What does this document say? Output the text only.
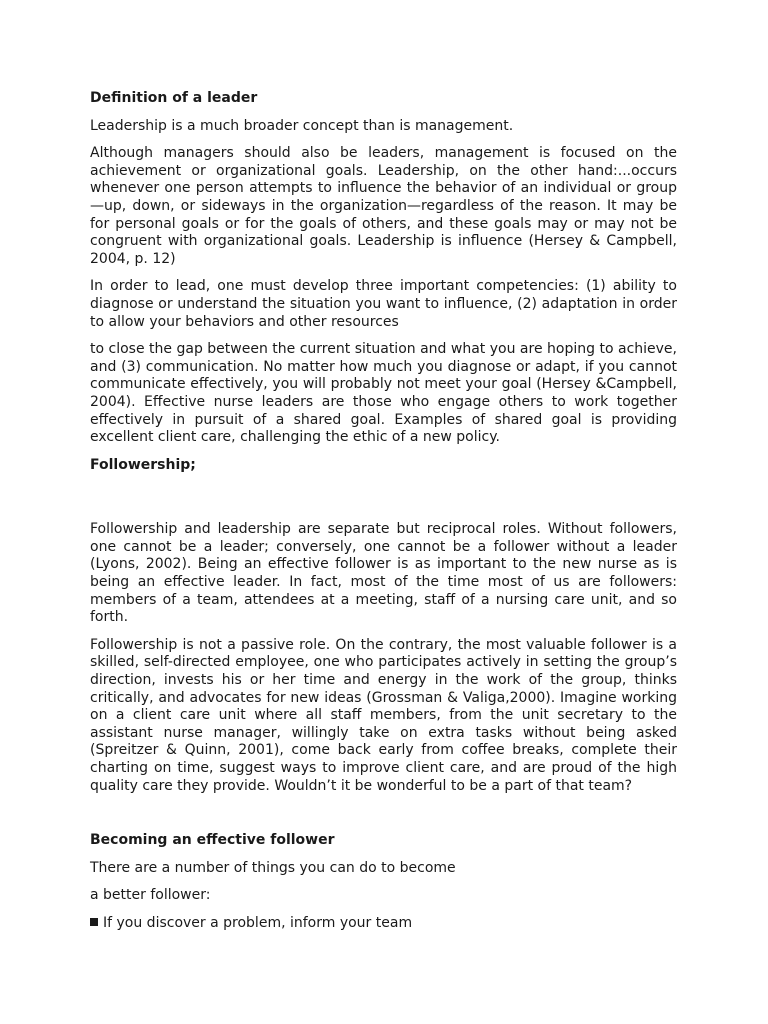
Definition of a leader

Leadership is a much broader concept than is management.

Although managers should also be leaders, management is focused on the achievement or organizational goals. Leadership, on the other hand:...occurs whenever one person attempts to influence the behavior of an individual or group—up, down, or sideways in the organization—regardless of the reason. It may be for personal goals or for the goals of others, and these goals may or may not be congruent with organizational goals. Leadership is influence (Hersey & Campbell, 2004, p. 12)

In order to lead, one must develop three important competencies: (1) ability to diagnose or understand the situation you want to influence, (2) adaptation in order to allow your behaviors and other resources

to close the gap between the current situation and what you are hoping to achieve, and (3) communication. No matter how much you diagnose or adapt, if you cannot communicate effectively, you will probably not meet your goal (Hersey &Campbell, 2004). Effective nurse leaders are those who engage others to work together effectively in pursuit of a shared goal. Examples of shared goal is providing excellent client care, challenging the ethic of a new policy.

Followership;

Followership and leadership are separate but reciprocal roles. Without followers, one cannot be a leader; conversely, one cannot be a follower without a leader (Lyons, 2002). Being an effective follower is as important to the new nurse as is being an effective leader. In fact, most of the time most of us are followers: members of a team, attendees at a meeting, staff of a nursing care unit, and so forth.

Followership is not a passive role. On the contrary, the most valuable follower is a skilled, self-directed employee, one who participates actively in setting the group’s direction, invests his or her time and energy in the work of the group, thinks critically, and advocates for new ideas (Grossman & Valiga,2000). Imagine working on a client care unit where all staff members, from the unit secretary to the assistant nurse manager, willingly take on extra tasks without being asked (Spreitzer & Quinn, 2001), come back early from coffee breaks, complete their charting on time, suggest ways to improve client care, and are proud of the high quality care they provide. Wouldn’t it be wonderful to be a part of that team?

Becoming an effective follower

There are a number of things you can do to become

a better follower:

If you discover a problem, inform your team
